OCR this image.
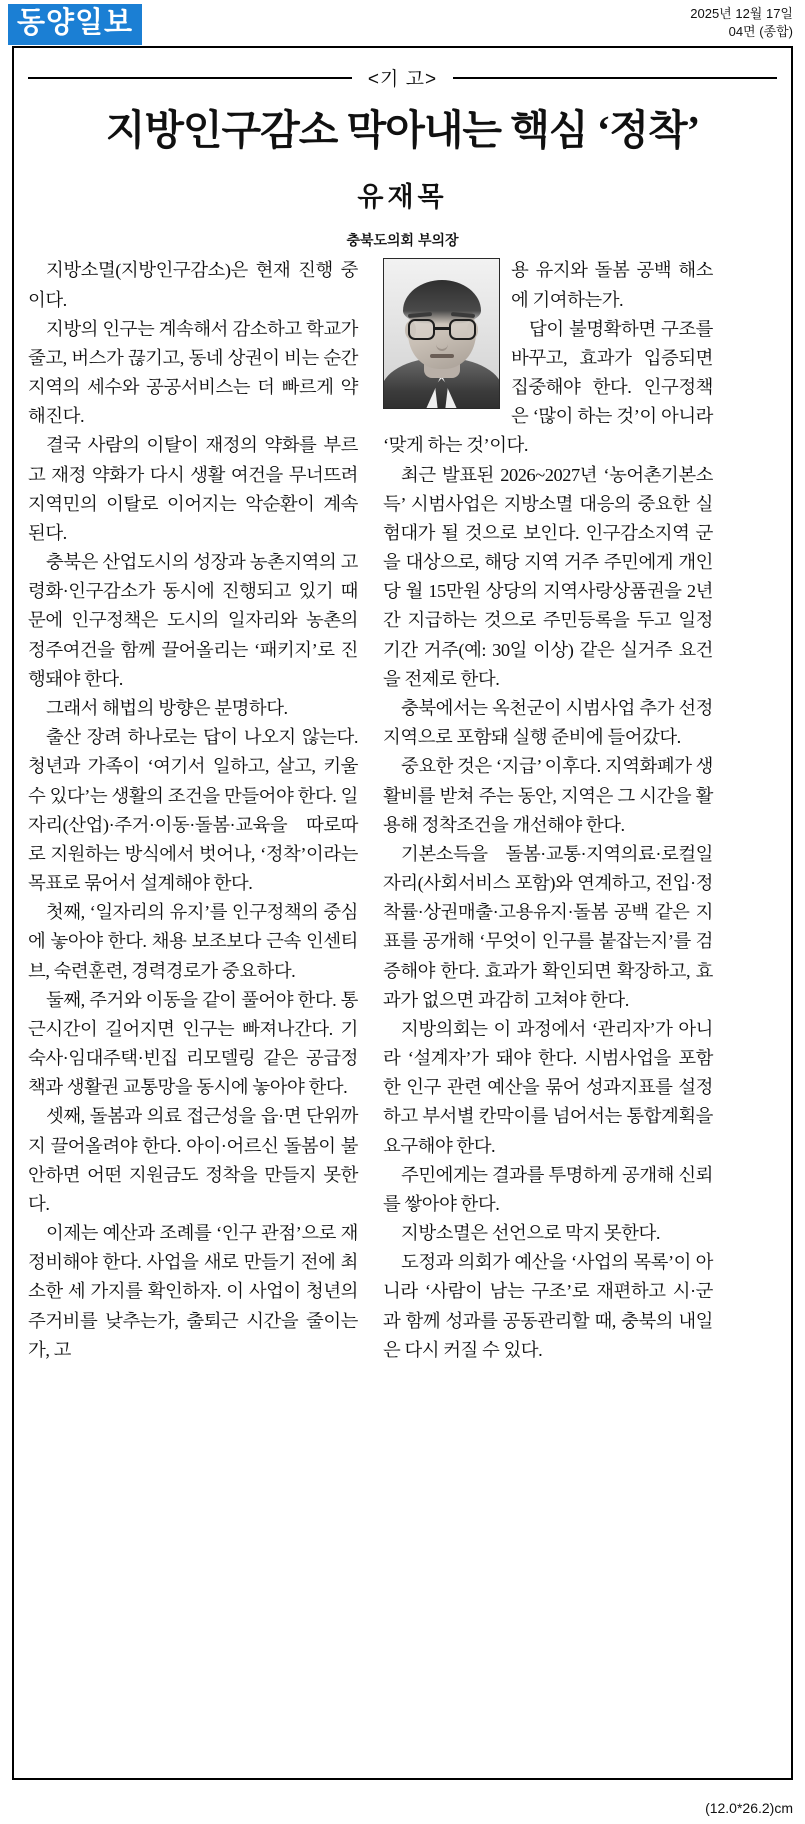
동양일보	2025년 12월 17일
04면 (종합)
<기 고>
지방인구감소 막아내는 핵심 ‘정착’
유재목
충북도의회 부의장

지방소멸(지방인구감소)은 현재 진행 중이다.

지방의 인구는 계속해서 감소하고 학교가 줄고, 버스가 끊기고, 동네 상권이 비는 순간 지역의 세수와 공공서비스는 더 빠르게 약해진다.

결국 사람의 이탈이 재정의 약화를 부르고 재정 약화가 다시 생활 여건을 무너뜨려 지역민의 이탈로 이어지는 악순환이 계속 된다.

충북은 산업도시의 성장과 농촌지역의 고령화·인구감소가 동시에 진행되고 있기 때문에 인구정책은 도시의 일자리와 농촌의 정주여건을 함께 끌어올리는 ‘패키지’로 진행돼야 한다.

그래서 해법의 방향은 분명하다.

출산 장려 하나로는 답이 나오지 않는다. 청년과 가족이 ‘여기서 일하고, 살고, 키울 수 있다’는 생활의 조건을 만들어야 한다. 일자리(산업)·주거·이동·돌봄·교육을 따로따로 지원하는 방식에서 벗어나, ‘정착’이라는 목표로 묶어서 설계해야 한다.

첫째, ‘일자리의 유지’를 인구정책의 중심에 놓아야 한다. 채용 보조보다 근속 인센티브, 숙련훈련, 경력경로가 중요하다.

둘째, 주거와 이동을 같이 풀어야 한다. 통근시간이 길어지면 인구는 빠져나간다. 기숙사·임대주택·빈집 리모델링 같은 공급정책과 생활권 교통망을 동시에 놓아야 한다.

셋째, 돌봄과 의료 접근성을 읍·면 단위까지 끌어올려야 한다. 아이·어르신 돌봄이 불안하면 어떤 지원금도 정착을 만들지 못한다.

이제는 예산과 조례를 ‘인구 관점’으로 재정비해야 한다. 사업을 새로 만들기 전에 최소한 세 가지를 확인하자. 이 사업이 청년의 주거비를 낮추는가, 출퇴근 시간을 줄이는가, 고

용 유지와 돌봄 공백 해소에 기여하는가.

답이 불명확하면 구조를 바꾸고, 효과가 입증되면 집중해야 한다. 인구정책은 ‘많이 하는 것’이 아니라 ‘맞게 하는 것’이다.

최근 발표된 2026~2027년 ‘농어촌기본소득’ 시범사업은 지방소멸 대응의 중요한 실험대가 될 것으로 보인다. 인구감소지역 군을 대상으로, 해당 지역 거주 주민에게 개인당 월 15만원 상당의 지역사랑상품권을 2년간 지급하는 것으로 주민등록을 두고 일정 기간 거주(예: 30일 이상) 같은 실거주 요건을 전제로 한다.

충북에서는 옥천군이 시범사업 추가 선정 지역으로 포함돼 실행 준비에 들어갔다.

중요한 것은 ‘지급’ 이후다. 지역화폐가 생활비를 받쳐 주는 동안, 지역은 그 시간을 활용해 정착조건을 개선해야 한다.

기본소득을 돌봄·교통·지역의료·로컬일자리(사회서비스 포함)와 연계하고, 전입·정착률·상권매출·고용유지·돌봄 공백 같은 지표를 공개해 ‘무엇이 인구를 붙잡는지’를 검증해야 한다. 효과가 확인되면 확장하고, 효과가 없으면 과감히 고쳐야 한다.

지방의회는 이 과정에서 ‘관리자’가 아니라 ‘설계자’가 돼야 한다. 시범사업을 포함한 인구 관련 예산을 묶어 성과지표를 설정하고 부서별 칸막이를 넘어서는 통합계획을 요구해야 한다.

주민에게는 결과를 투명하게 공개해 신뢰를 쌓아야 한다.

지방소멸은 선언으로 막지 못한다.

도정과 의회가 예산을 ‘사업의 목록’이 아니라 ‘사람이 남는 구조’로 재편하고 시·군과 함께 성과를 공동관리할 때, 충북의 내일은 다시 커질 수 있다.

(12.0*26.2)cm
